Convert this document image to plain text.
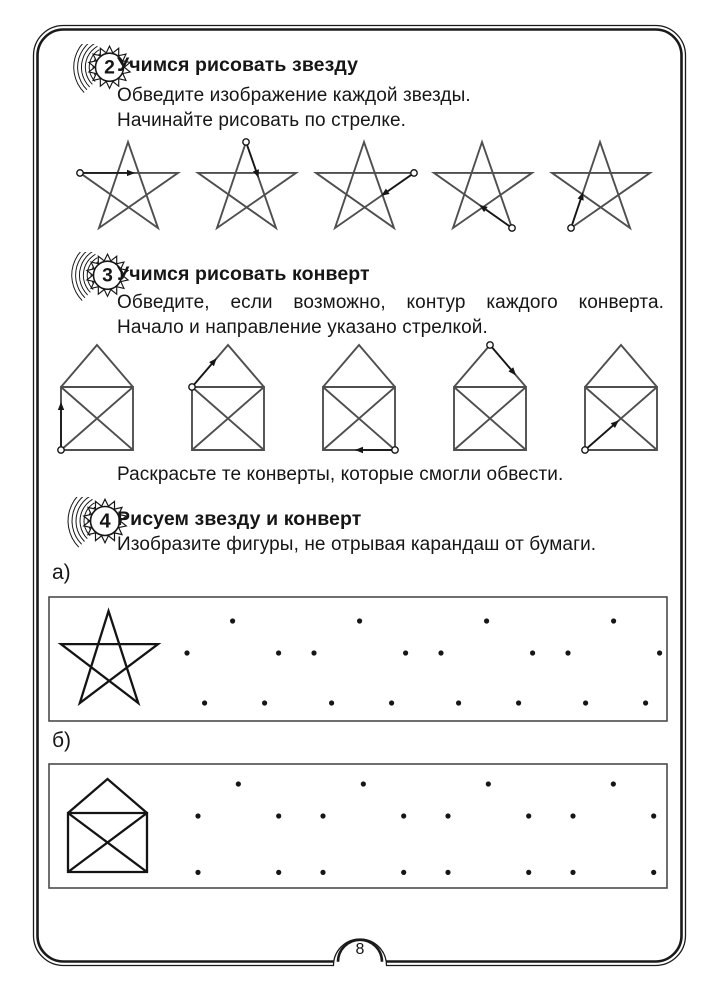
8
2 Учимся рисовать звезду

Обведите изображение каждой звезды.

Начинайте рисовать по стрелке.

3 Учимся рисовать конверт

Обведите, если возможно, контур каждого конверта.

Начало и направление указано стрелкой.

Раскрасьте те конверты, которые смогли обвести.

4 Рисуем звезду и конверт

Изобразите фигуры, не отрывая карандаш от бумаги.

а)

б)
